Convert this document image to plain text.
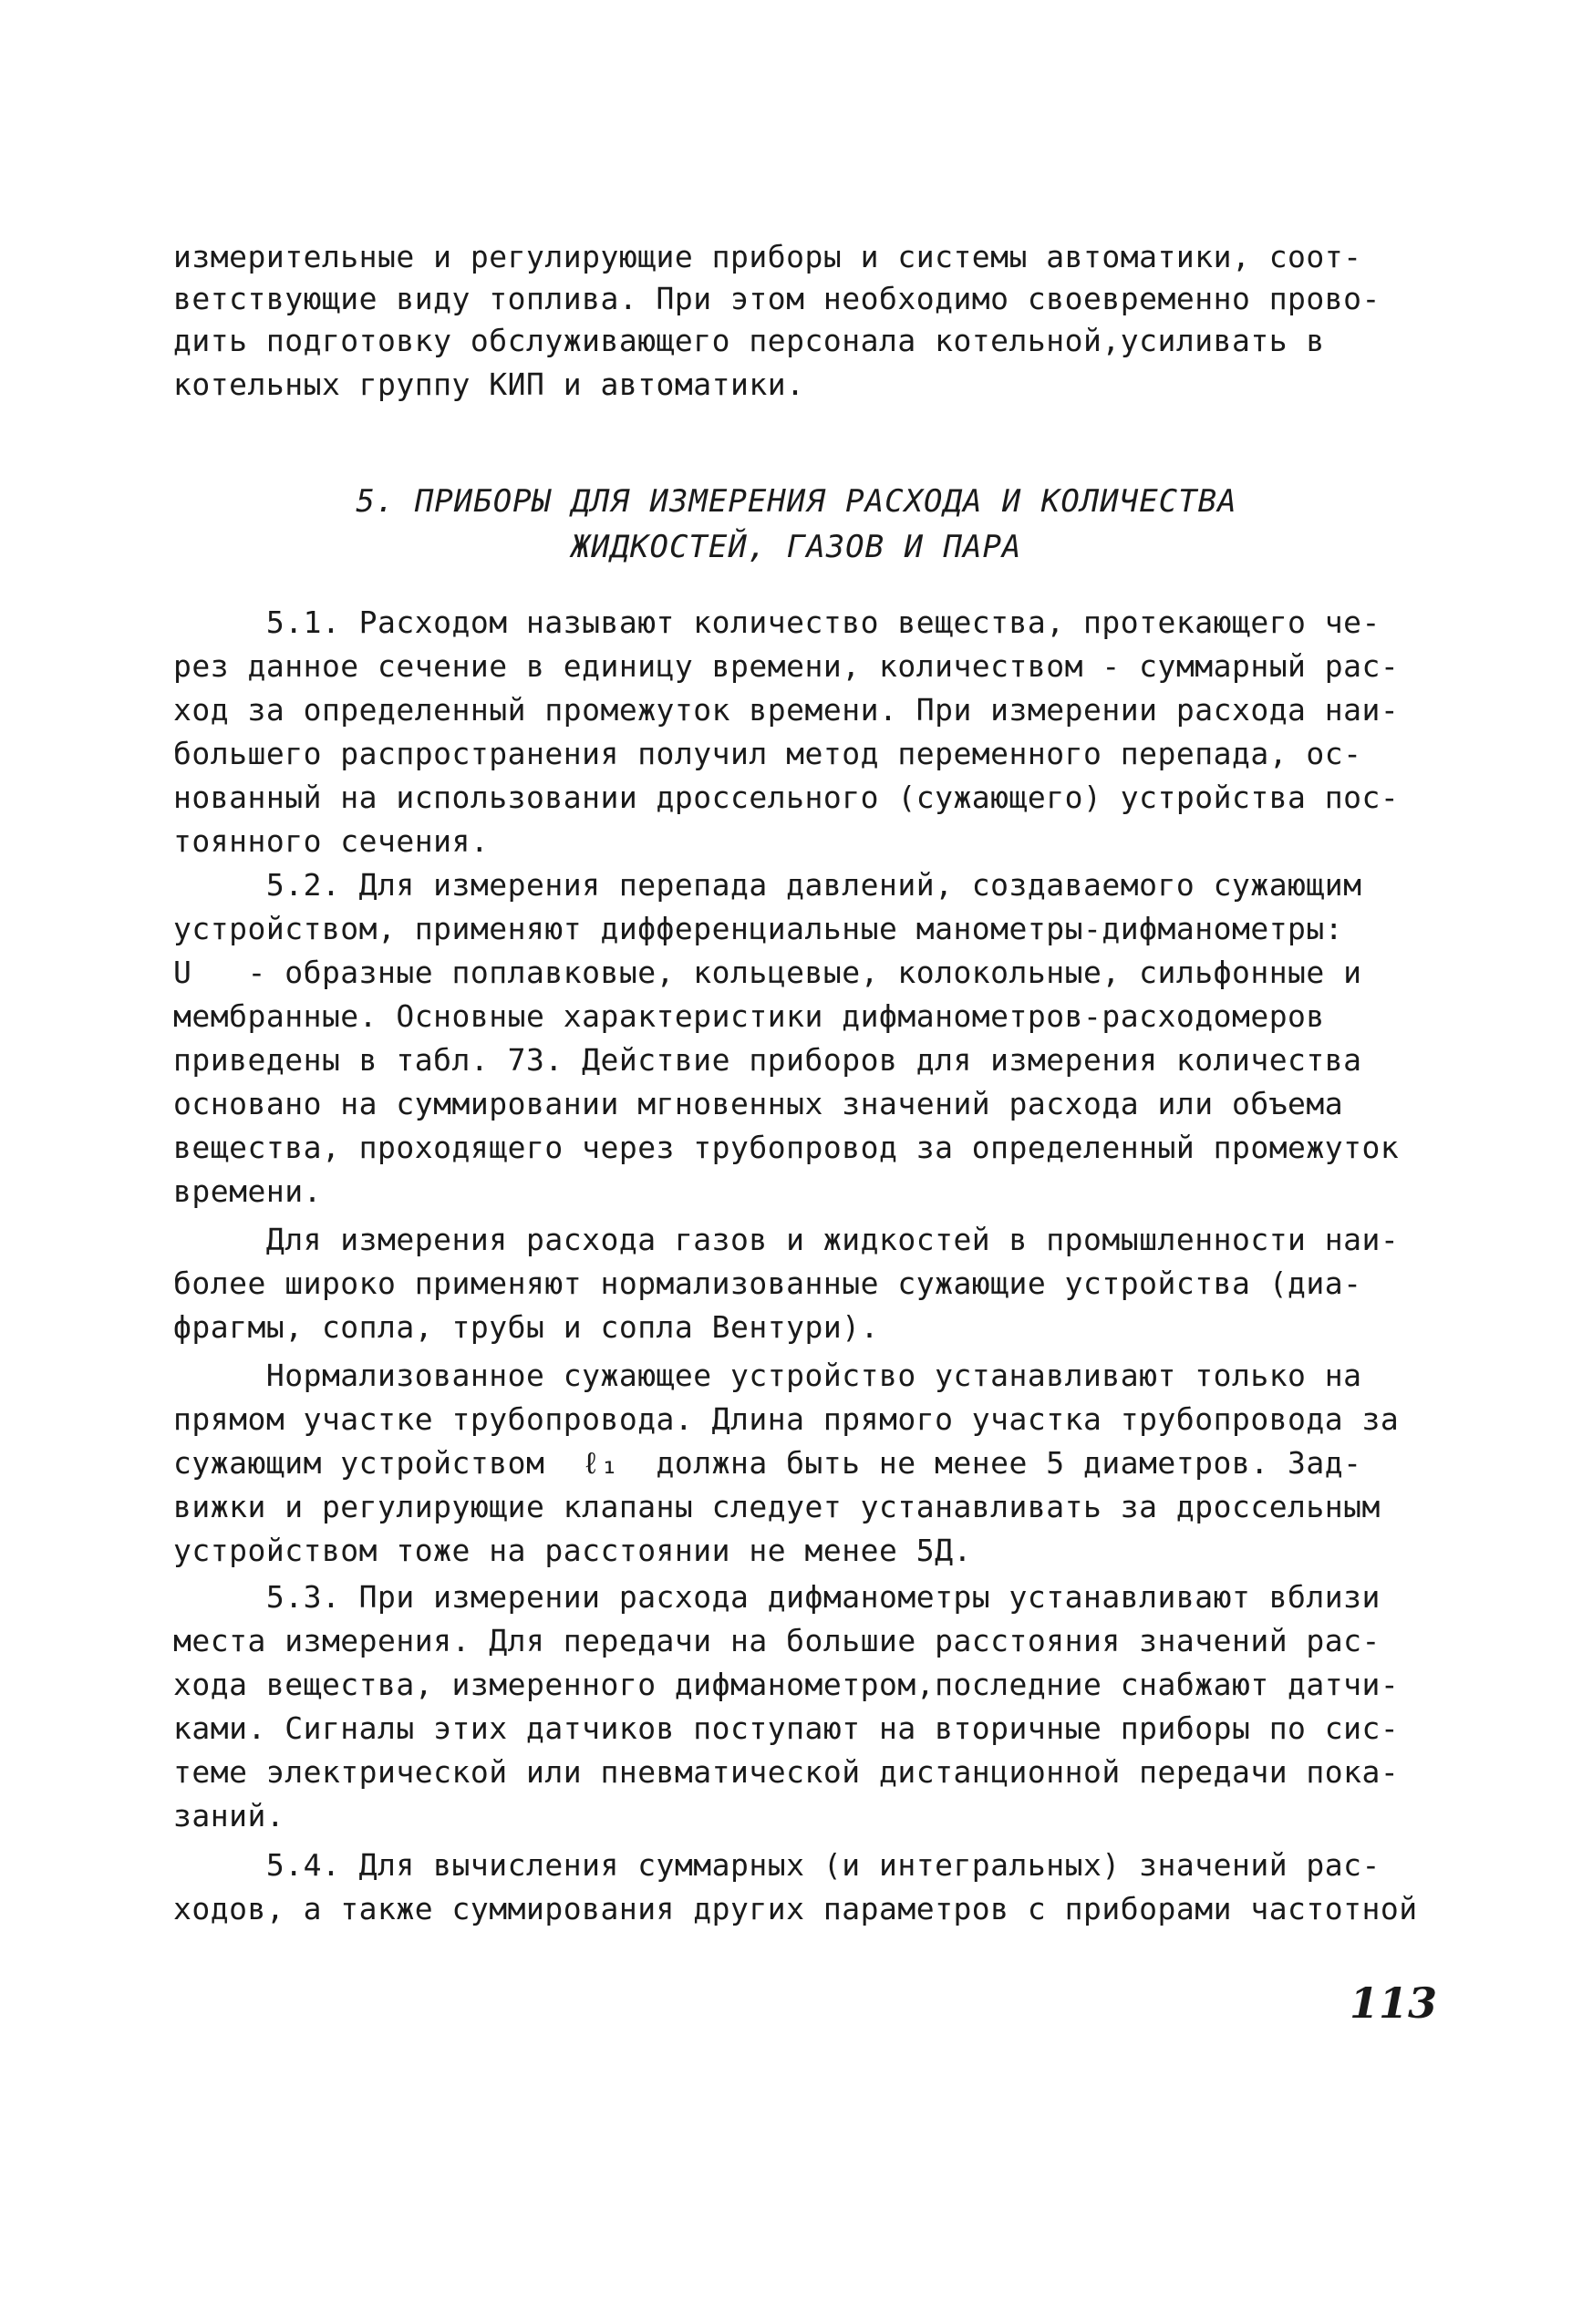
измерительные и регулирующие приборы и системы автоматики, соот-
ветствующие виду топлива. При этом необходимо своевременно прово-
дить подготовку обслуживающего персонала котельной,усиливать в
котельных группу КИП и автоматики.
5. ПРИБОРЫ ДЛЯ ИЗМЕРЕНИЯ РАСХОДА И КОЛИЧЕСТВА
ЖИДКОСТЕЙ, ГАЗОВ И ПАРА
5.1. Расходом называют количество вещества, протекающего че-
рез данное сечение в единицу времени, количеством - суммарный рас-
ход за определенный промежуток времени. При измерении расхода наи-
большего распространения получил метод переменного перепада, ос-
нованный на использовании дроссельного (сужающего) устройства пос-
тоянного сечения.
5.2. Для измерения перепада давлений, создаваемого сужающим
устройством, применяют дифференциальные манометры-дифманометры:
U   - образные поплавковые, кольцевые, колокольные, сильфонные и
мембранные. Основные характеристики дифманометров-расходомеров
приведены в табл. 73. Действие приборов для измерения количества
основано на суммировании мгновенных значений расхода или объема
вещества, проходящего через трубопровод за определенный промежуток
времени.
Для измерения расхода газов и жидкостей в промышленности наи-
более широко применяют нормализованные сужающие устройства (диа-
фрагмы, сопла, трубы и сопла Вентури).
Нормализованное сужающее устройство устанавливают только на
прямом участке трубопровода. Длина прямого участка трубопровода за
сужающим устройством  ℓ₁  должна быть не менее 5 диаметров. Зад-
вижки и регулирующие клапаны следует устанавливать за дроссельным
устройством тоже на расстоянии не менее 5Д.
5.3. При измерении расхода дифманометры устанавливают вблизи
места измерения. Для передачи на большие расстояния значений рас-
хода вещества, измеренного дифманометром,последние снабжают датчи-
ками. Сигналы этих датчиков поступают на вторичные приборы по сис-
теме электрической или пневматической дистанционной передачи пока-
заний.
5.4. Для вычисления суммарных (и интегральных) значений рас-
ходов, а также суммирования других параметров с приборами частотной
113
